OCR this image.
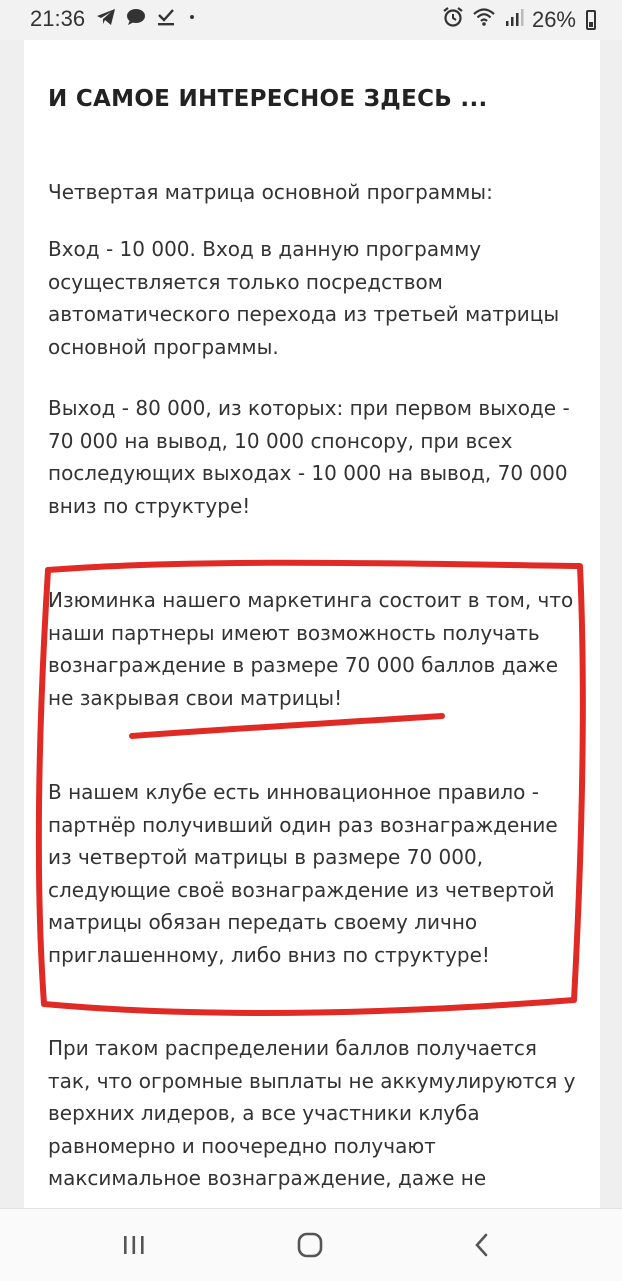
21:36	26%
И САМОЕ ИНТЕРЕСНОЕ ЗДЕСЬ ...

Четвертая матрица основной программы:

Вход - 10 000. Вход в данную программу осуществляется только посредством автоматического перехода из третьей матрицы основной программы.

Выход - 80 000, из которых: при первом выходе - 70 000 на вывод, 10 000 спонсору, при всех последующих выходах - 10 000 на вывод, 70 000 вниз по структуре!

Изюминка нашего маркетинга состоит в том, что наши партнеры имеют возможность получать вознаграждение в размере 70 000 баллов даже не закрывая свои матрицы!

В нашем клубе есть инновационное правило - партнёр получивший один раз вознаграждение из четвертой матрицы в размере 70 000, следующие своё вознаграждение из четвертой матрицы обязан передать своему лично приглашенному, либо вниз по структуре!

При таком распределении баллов получается так, что огромные выплаты не аккумулируются у верхних лидеров, а все участники клуба равномерно и поочередно получают максимальное вознаграждение, даже не
